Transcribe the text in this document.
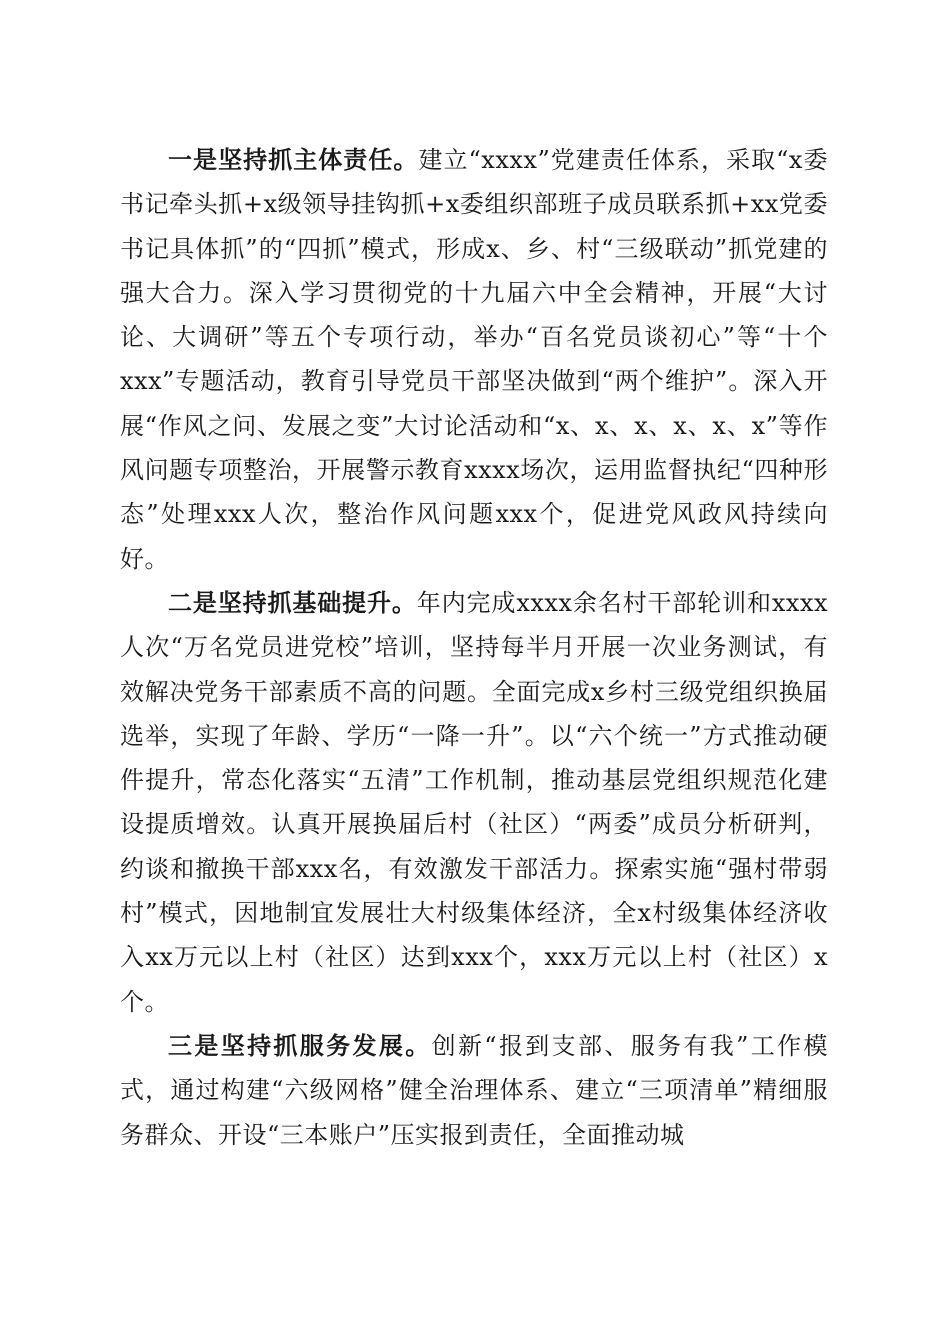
一是坚持抓主体责任。建立“xxxx”党建责任体系，采取“x委书记牵头抓+x级领导挂钩抓+x委组织部班子成员联系抓+xx党委书记具体抓”的“四抓”模式，形成x、乡、村“三级联动”抓党建的强大合力。深入学习贯彻党的十九届六中全会精神，开展“大讨论、大调研”等五个专项行动，举办“百名党员谈初心”等“十个xxx”专题活动，教育引导党员干部坚决做到“两个维护”。深入开展“作风之问、发展之变”大讨论活动和“x、x、x、x、x、x”等作风问题专项整治，开展警示教育xxxx场次，运用监督执纪“四种形态”处理xxx人次，整治作风问题xxx个，促进党风政风持续向好。

二是坚持抓基础提升。年内完成xxxx余名村干部轮训和xxxx人次“万名党员进党校”培训，坚持每半月开展一次业务测试，有效解决党务干部素质不高的问题。全面完成x乡村三级党组织换届选举，实现了年龄、学历“一降一升”。以“六个统一”方式推动硬件提升，常态化落实“五清”工作机制，推动基层党组织规范化建设提质增效。认真开展换届后村（社区）“两委”成员分析研判，约谈和撤换干部xxx名，有效激发干部活力。探索实施“强村带弱村”模式，因地制宜发展壮大村级集体经济，全x村级集体经济收入xx万元以上村（社区）达到xxx个，xxx万元以上村（社区）x个。

三是坚持抓服务发展。创新“报到支部、服务有我”工作模式，通过构建“六级网格”健全治理体系、建立“三项清单”精细服务群众、开设“三本账户”压实报到责任，全面推动城
